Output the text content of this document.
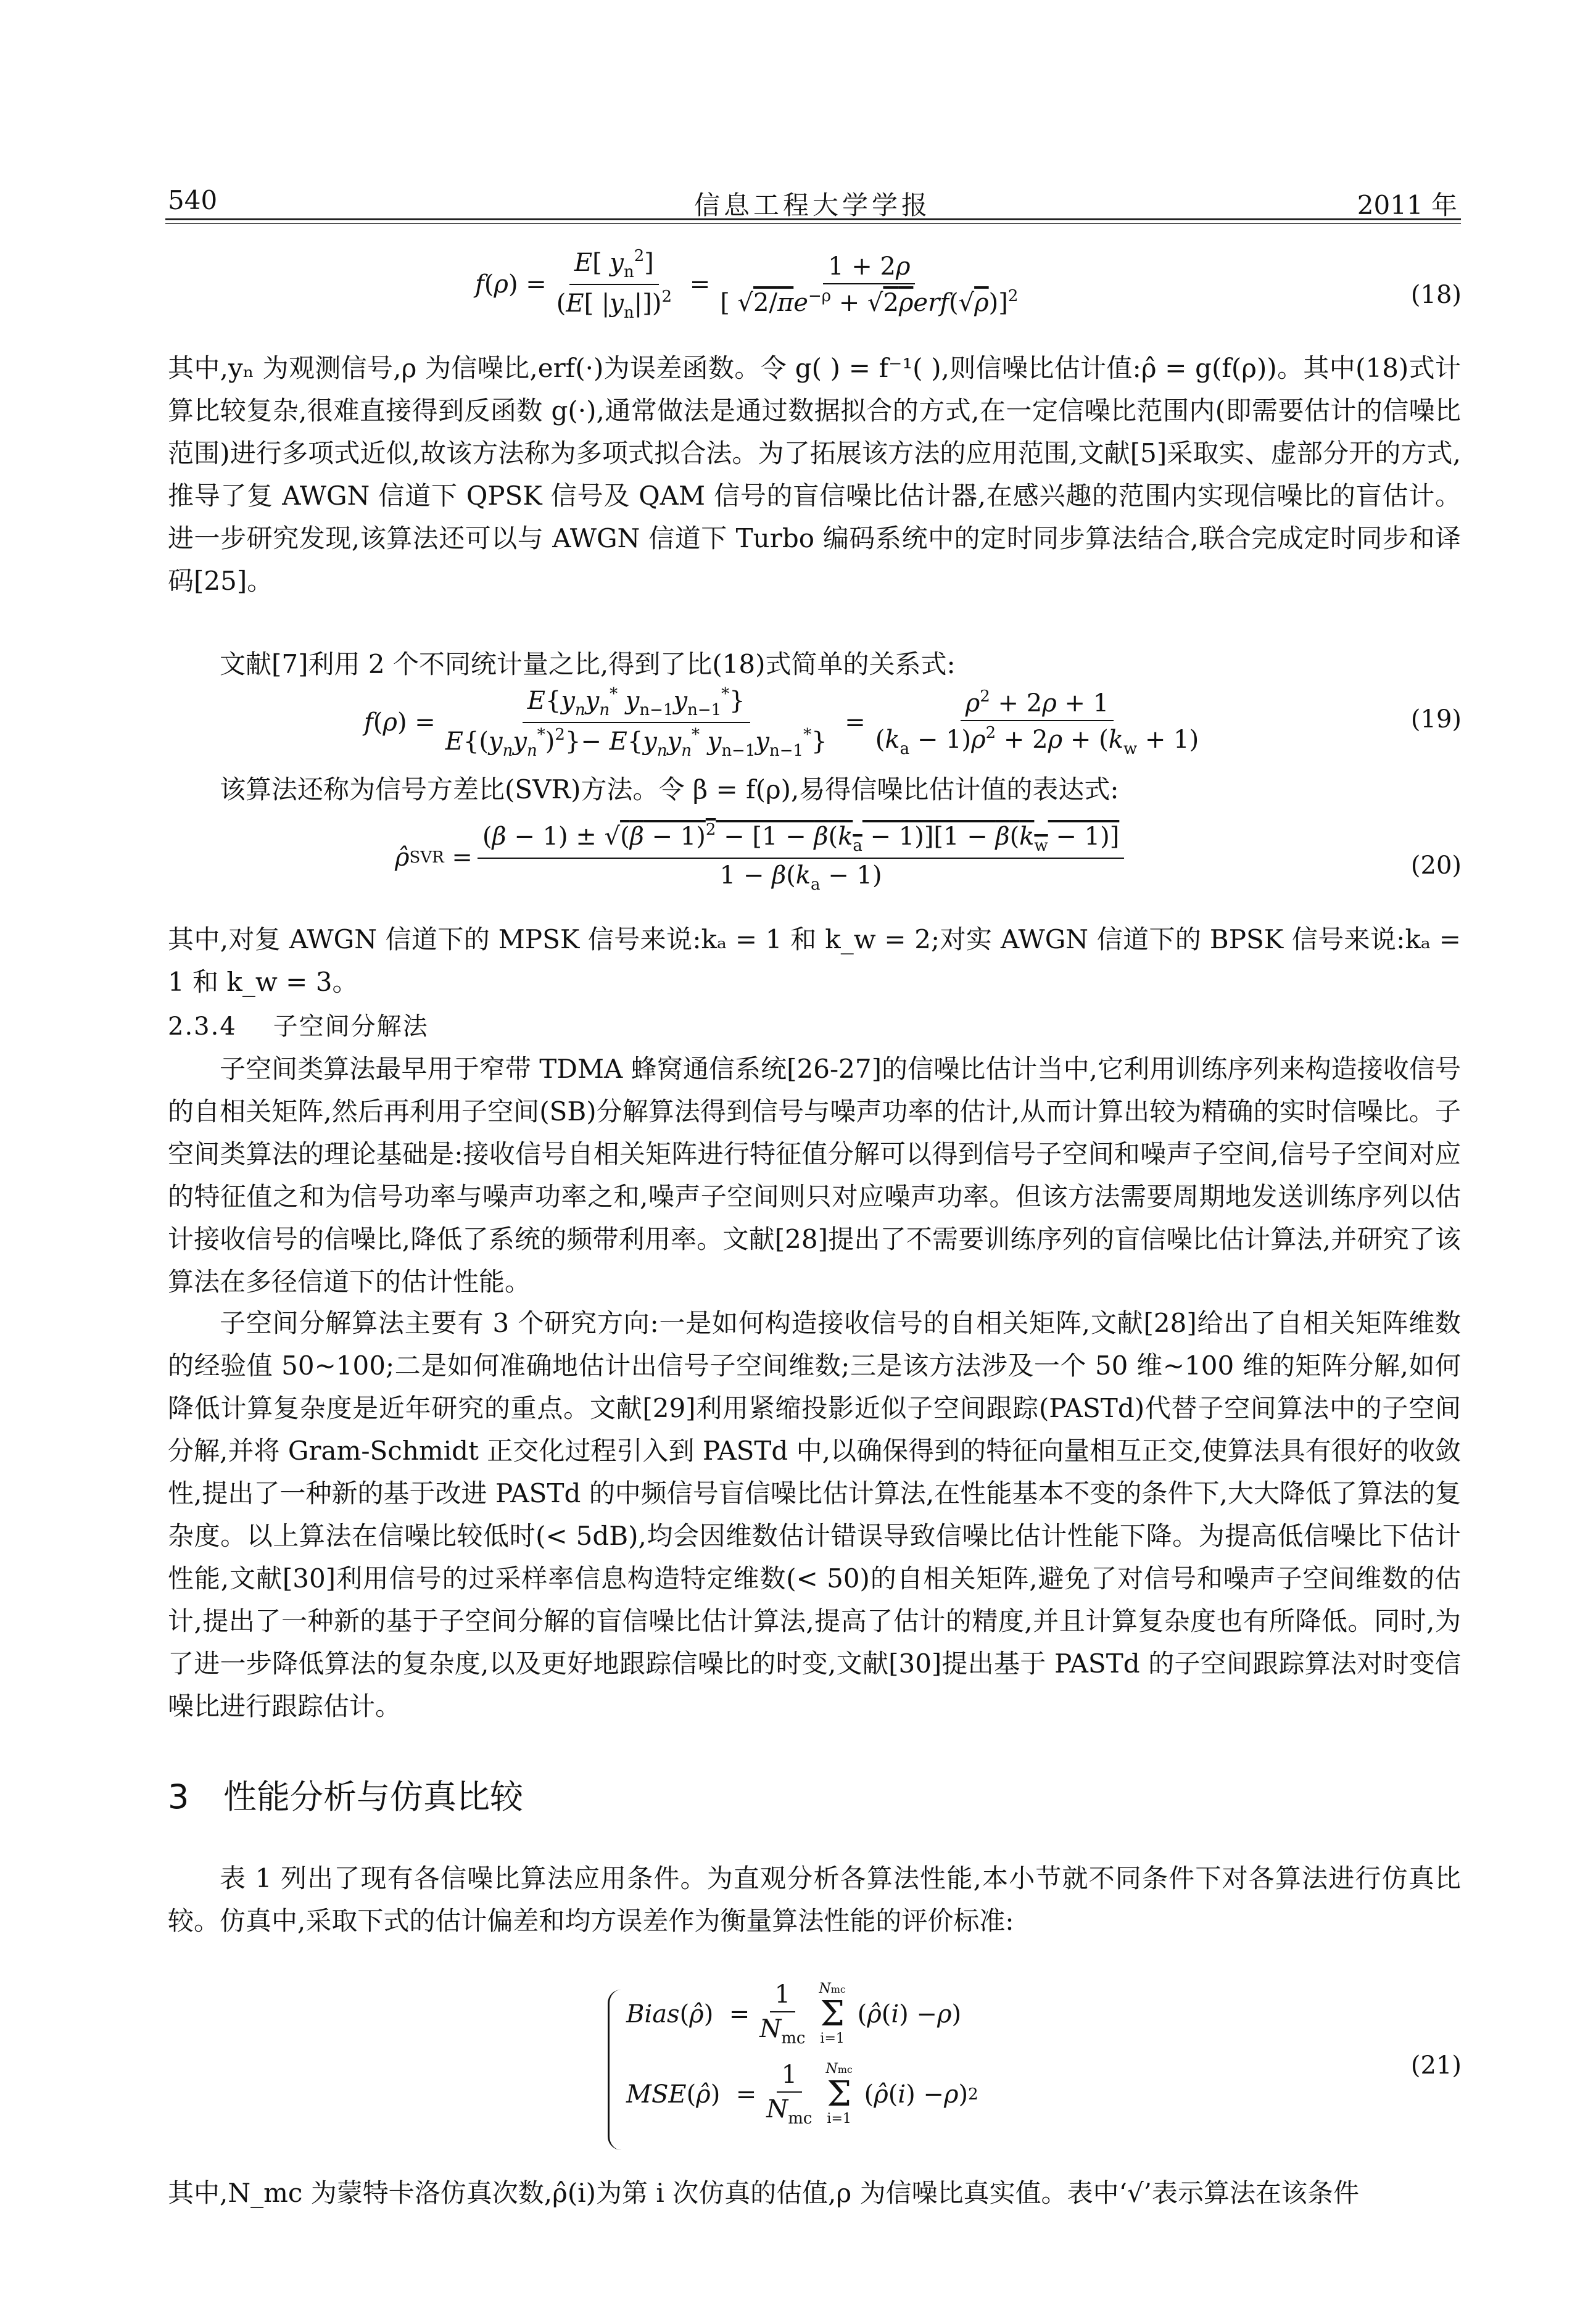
540	信息工程大学学报	2011 年
f ( ρ ) = $\frac{E[ y_n^2]}{(E[ |y_n|])^2} = \frac{1 + 2\rho}{[ √2/\pi e^{-\rho} + √2\rho erf(√\rho)]^2}$	(18)
其中,yₙ 为观测信号,ρ 为信噪比,erf(·)为误差函数。令 g( ) = f⁻¹( ),则信噪比估计值:ρ̂ = g(f(ρ))。其中(18)式计算比较复杂,很难直接得到反函数 g(·),通常做法是通过数据拟合的方式,在一定信噪比范围内(即需要估计的信噪比范围)进行多项式近似,故该方法称为多项式拟合法。为了拓展该方法的应用范围,文献[5]采取实、虚部分开的方式,推导了复 AWGN 信道下 QPSK 信号及 QAM 信号的盲信噪比估计器,在感兴趣的范围内实现信噪比的盲估计。进一步研究发现,该算法还可以与 AWGN 信道下 Turbo 编码系统中的定时同步算法结合,联合完成定时同步和译码[25]。
文献[7]利用 2 个不同统计量之比,得到了比(18)式简单的关系式:
f ( ρ ) = $\frac{E\{y_ny_n^* y_{n-1}y_{n-1}^*\}}{E\{(y_ny_n^*)^2\}- E\{y_ny_n^* y_{n-1}y_{n-1}^*\}} = \frac{\rho^2 + 2\rho + 1}{(k_a - 1)\rho^2 + 2\rho + (k_w + 1)}$	(19)
该算法还称为信号方差比(SVR)方法。令 β = f(ρ),易得信噪比估计值的表达式:
ρ̂ SVR = $\frac{(\beta - 1) \pm √(\beta - 1)^2 - [1 - \beta(k_a - 1)][1 - \beta(k_w - 1)]}{1 - \beta(k_a - 1)}$	(20)
其中,对复 AWGN 信道下的 MPSK 信号来说:kₐ = 1 和 k_w = 2;对实 AWGN 信道下的 BPSK 信号来说:kₐ = 1 和 k_w = 3。
2.3.4 子空间分解法
子空间类算法最早用于窄带 TDMA 蜂窝通信系统[26-27]的信噪比估计当中,它利用训练序列来构造接收信号的自相关矩阵,然后再利用子空间(SB)分解算法得到信号与噪声功率的估计,从而计算出较为精确的实时信噪比。子空间类算法的理论基础是:接收信号自相关矩阵进行特征值分解可以得到信号子空间和噪声子空间,信号子空间对应的特征值之和为信号功率与噪声功率之和,噪声子空间则只对应噪声功率。但该方法需要周期地发送训练序列以估计接收信号的信噪比,降低了系统的频带利用率。文献[28]提出了不需要训练序列的盲信噪比估计算法,并研究了该算法在多径信道下的估计性能。
子空间分解算法主要有 3 个研究方向:一是如何构造接收信号的自相关矩阵,文献[28]给出了自相关矩阵维数的经验值 50~100;二是如何准确地估计出信号子空间维数;三是该方法涉及一个 50 维~100 维的矩阵分解,如何降低计算复杂度是近年研究的重点。文献[29]利用紧缩投影近似子空间跟踪(PASTd)代替子空间算法中的子空间分解,并将 Gram-Schmidt 正交化过程引入到 PASTd 中,以确保得到的特征向量相互正交,使算法具有很好的收敛性,提出了一种新的基于改进 PASTd 的中频信号盲信噪比估计算法,在性能基本不变的条件下,大大降低了算法的复杂度。以上算法在信噪比较低时(< 5dB),均会因维数估计错误导致信噪比估计性能下降。为提高低信噪比下估计性能,文献[30]利用信号的过采样率信息构造特定维数(< 50)的自相关矩阵,避免了对信号和噪声子空间维数的估计,提出了一种新的基于子空间分解的盲信噪比估计算法,提高了估计的精度,并且计算复杂度也有所降低。同时,为了进一步降低算法的复杂度,以及更好地跟踪信噪比的时变,文献[30]提出基于 PASTd 的子空间跟踪算法对时变信噪比进行跟踪估计。
3 性能分析与仿真比较
表 1 列出了现有各信噪比算法应用条件。为直观分析各算法性能,本小节就不同条件下对各算法进行仿真比较。仿真中,采取下式的估计偏差和均方误差作为衡量算法性能的评价标准:
Bias ( ρ̂ )  = $\frac{1}{N_{mc}}$ Nmc
Σ
i=1
( ρ̂ ( i ) − ρ )
MSE ( ρ̂ )  = $\frac{1}{N_{mc}}$ Nmc
Σ
i=1
( ρ̂ ( i ) − ρ ) 2
(21)
其中,N_mc 为蒙特卡洛仿真次数,ρ̂(i)为第 i 次仿真的估值,ρ 为信噪比真实值。表中‘√’表示算法在该条件
